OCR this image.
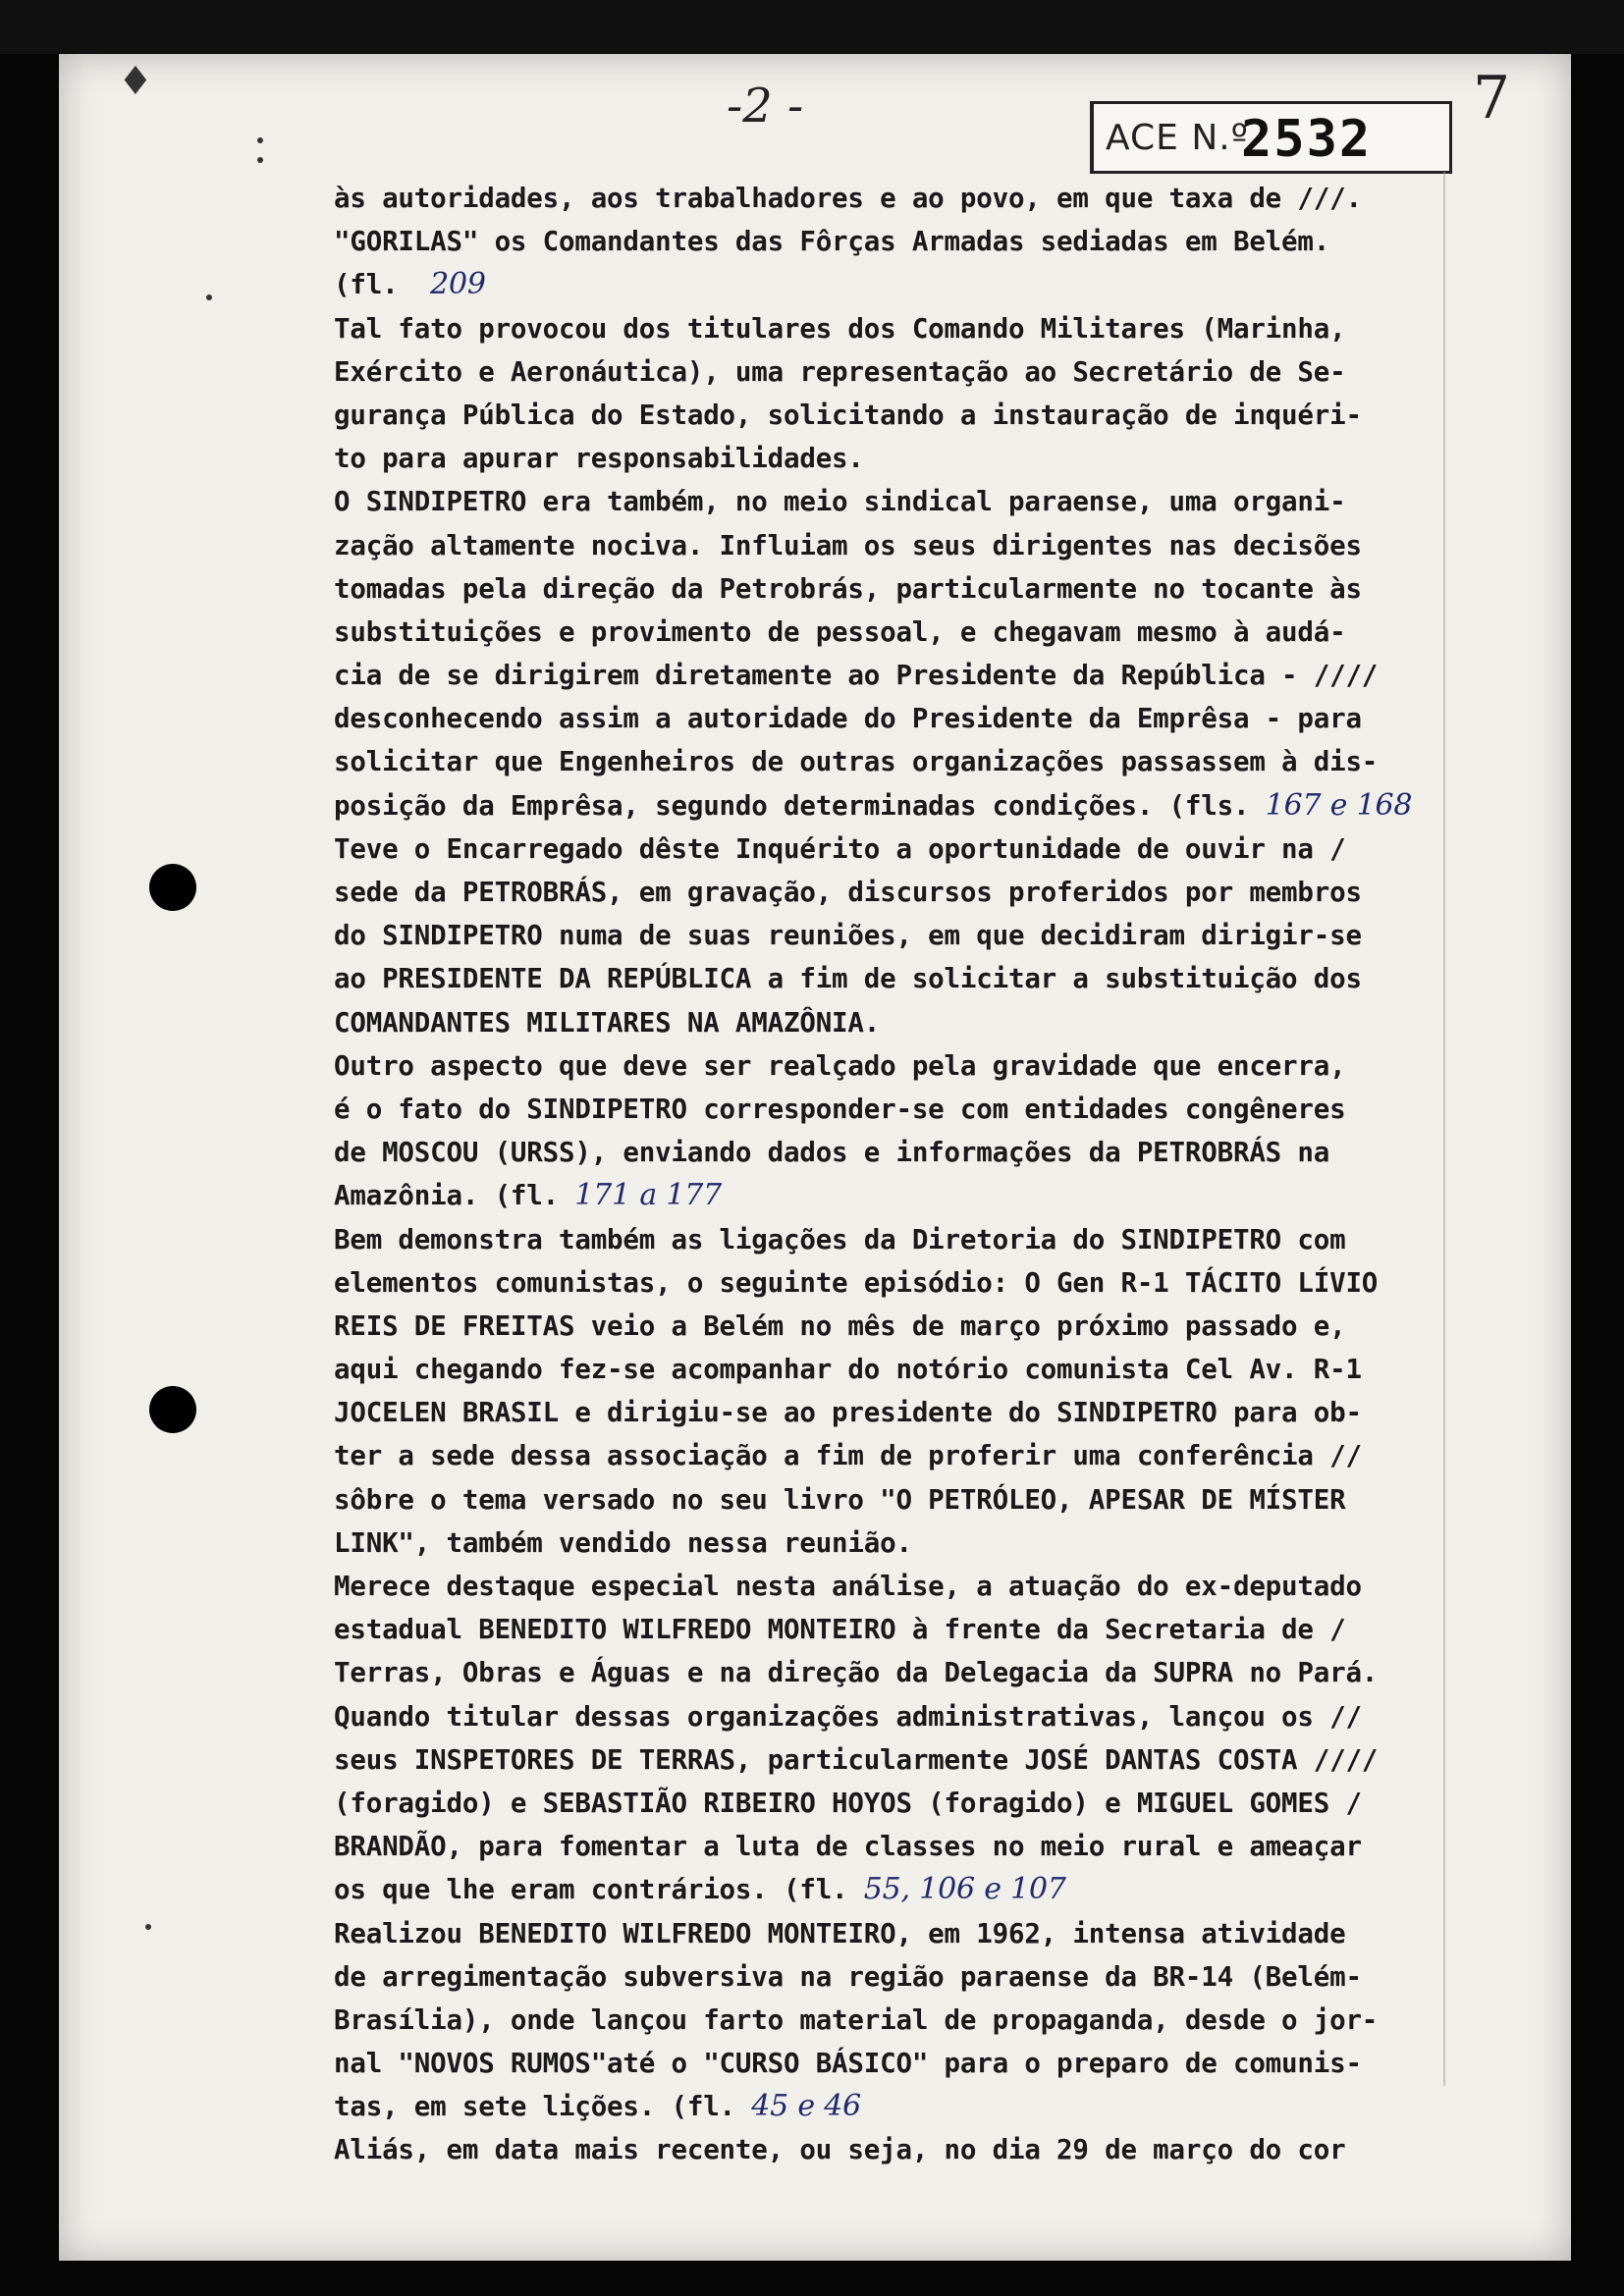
♦	-2 -
ACE N.º
2532
7
às autoridades, aos trabalhadores e ao povo, em que taxa de ///.
"GORILAS" os Comandantes das Fôrças Armadas sediadas em Belém.
(fl.  209
Tal fato provocou dos titulares dos Comando Militares (Marinha,
Exército e Aeronáutica), uma representação ao Secretário de Se-
gurança Pública do Estado, solicitando a instauração de inquéri-
to para apurar responsabilidades.
O SINDIPETRO era também, no meio sindical paraense, uma organi-
zação altamente nociva. Influiam os seus dirigentes nas decisões
tomadas pela direção da Petrobrás, particularmente no tocante às
substituições e provimento de pessoal, e chegavam mesmo à audá-
cia de se dirigirem diretamente ao Presidente da República - ////
desconhecendo assim a autoridade do Presidente da Emprêsa - para
solicitar que Engenheiros de outras organizações passassem à dis-
posição da Emprêsa, segundo determinadas condições. (fls. 167 e 168
Teve o Encarregado dêste Inquérito a oportunidade de ouvir na /
sede da PETROBRÁS, em gravação, discursos proferidos por membros
do SINDIPETRO numa de suas reuniões, em que decidiram dirigir-se
ao PRESIDENTE DA REPÚBLICA a fim de solicitar a substituição dos
COMANDANTES MILITARES NA AMAZÔNIA.
Outro aspecto que deve ser realçado pela gravidade que encerra,
é o fato do SINDIPETRO corresponder-se com entidades congêneres
de MOSCOU (URSS), enviando dados e informações da PETROBRÁS na
Amazônia. (fl. 171 a 177
Bem demonstra também as ligações da Diretoria do SINDIPETRO com
elementos comunistas, o seguinte episódio: O Gen R-1 TÁCITO LÍVIO
REIS DE FREITAS veio a Belém no mês de março próximo passado e,
aqui chegando fez-se acompanhar do notório comunista Cel Av. R-1
JOCELEN BRASIL e dirigiu-se ao presidente do SINDIPETRO para ob-
ter a sede dessa associação a fim de proferir uma conferência //
sôbre o tema versado no seu livro "O PETRÓLEO, APESAR DE MÍSTER
LINK", também vendido nessa reunião.
Merece destaque especial nesta análise, a atuação do ex-deputado
estadual BENEDITO WILFREDO MONTEIRO à frente da Secretaria de /
Terras, Obras e Águas e na direção da Delegacia da SUPRA no Pará.
Quando titular dessas organizações administrativas, lançou os //
seus INSPETORES DE TERRAS, particularmente JOSÉ DANTAS COSTA ////
(foragido) e SEBASTIÃO RIBEIRO HOYOS (foragido) e MIGUEL GOMES /
BRANDÃO, para fomentar a luta de classes no meio rural e ameaçar
os que lhe eram contrários. (fl. 55, 106 e 107
Realizou BENEDITO WILFREDO MONTEIRO, em 1962, intensa atividade
de arregimentação subversiva na região paraense da BR-14 (Belém-
Brasília), onde lançou farto material de propaganda, desde o jor-
nal "NOVOS RUMOS"até o "CURSO BÁSICO" para o preparo de comunis-
tas, em sete lições. (fl. 45 e 46
Aliás, em data mais recente, ou seja, no dia 29 de março do cor
